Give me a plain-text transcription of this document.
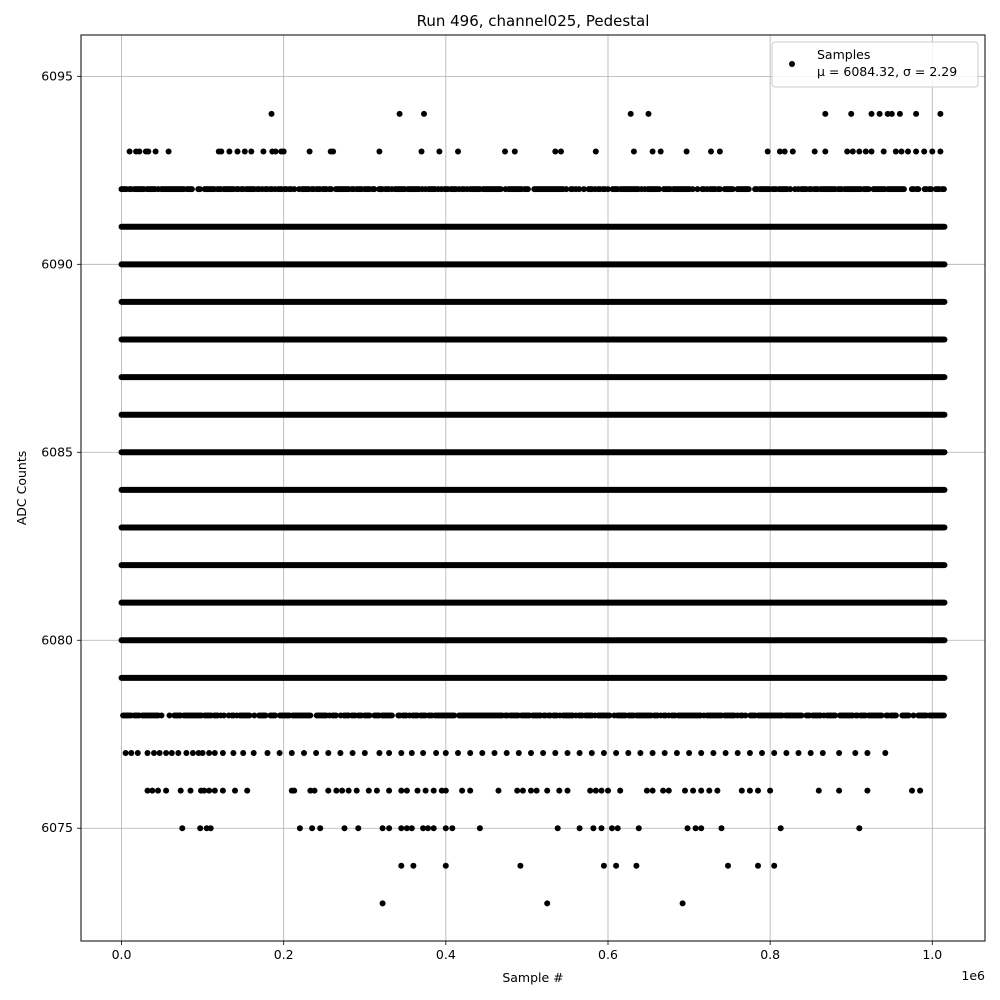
0.0	0.2	0.4	0.6	0.8	1.0
6075
6080
6085
6090
6095
Run 496, channel025, Pedestal
Sample #
ADC Counts
1e6
Samples
μ = 6084.32, σ = 2.29
